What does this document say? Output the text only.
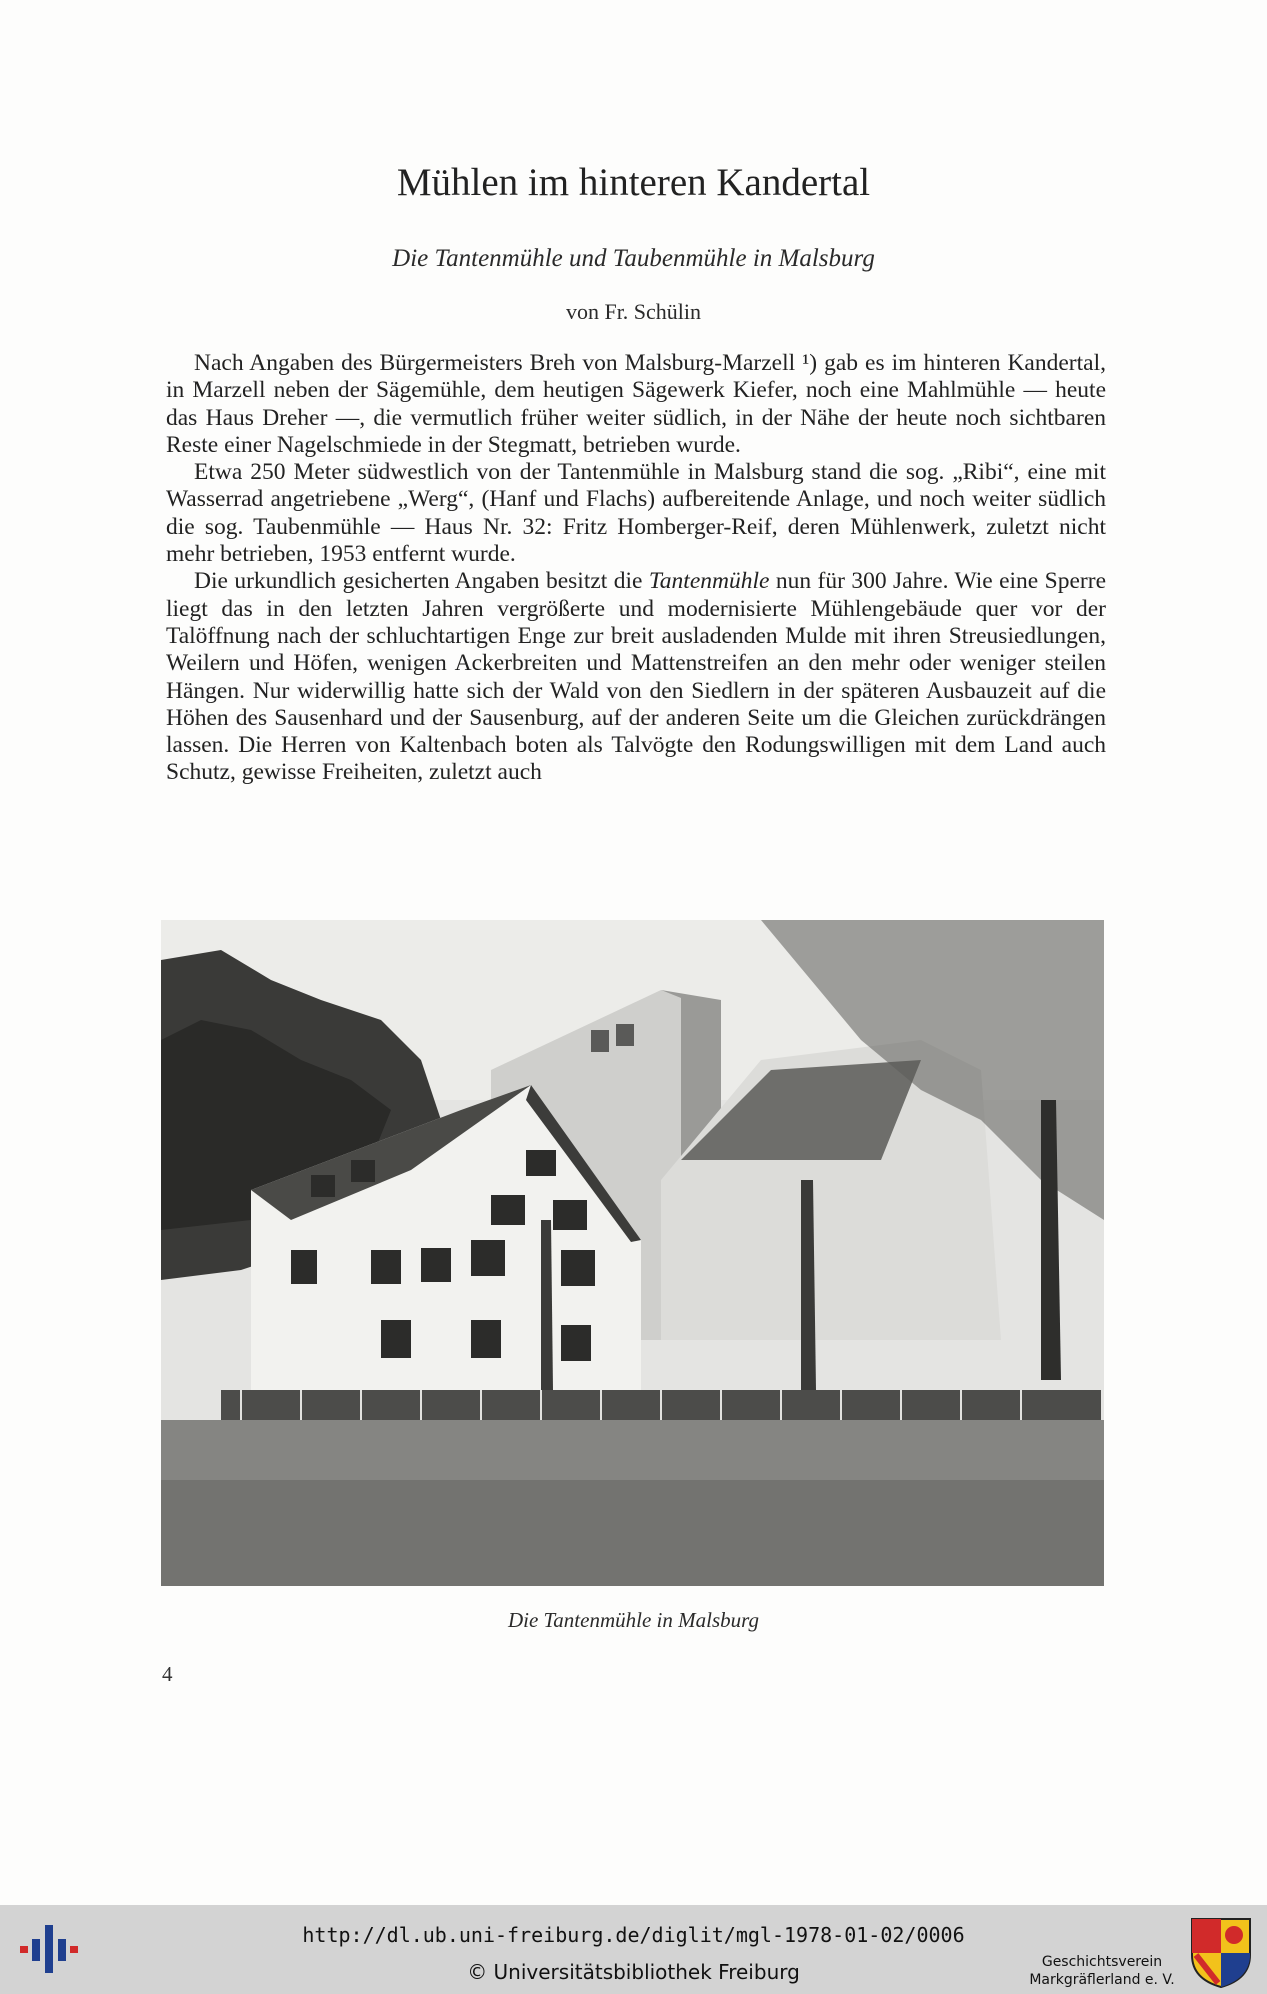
Mühlen im hinteren Kandertal
Die Tantenmühle und Taubenmühle in Malsburg
von Fr. Schülin

Nach Angaben des Bürgermeisters Breh von Malsburg-Marzell ¹) gab es im hinteren Kandertal, in Marzell neben der Sägemühle, dem heutigen Sägewerk Kiefer, noch eine Mahlmühle — heute das Haus Dreher —, die vermutlich früher weiter südlich, in der Nähe der heute noch sichtbaren Reste einer Nagelschmiede in der Stegmatt, betrieben wurde.

Etwa 250 Meter südwestlich von der Tantenmühle in Malsburg stand die sog. „Ribi“, eine mit Wasserrad angetriebene „Werg“, (Hanf und Flachs) aufbereitende Anlage, und noch weiter südlich die sog. Taubenmühle — Haus Nr. 32: Fritz Homberger-Reif, deren Mühlenwerk, zuletzt nicht mehr betrieben, 1953 entfernt wurde.

Die urkundlich gesicherten Angaben besitzt die Tantenmühle nun für 300 Jahre. Wie eine Sperre liegt das in den letzten Jahren vergrößerte und modernisierte Mühlengebäude quer vor der Talöffnung nach der schluchtartigen Enge zur breit ausladenden Mulde mit ihren Streusiedlungen, Weilern und Höfen, wenigen Ackerbreiten und Mattenstreifen an den mehr oder weniger steilen Hängen. Nur widerwillig hatte sich der Wald von den Siedlern in der späteren Ausbauzeit auf die Höhen des Sausenhard und der Sausenburg, auf der anderen Seite um die Gleichen zurückdrängen lassen. Die Herren von Kaltenbach boten als Talvögte den Rodungswilligen mit dem Land auch Schutz, gewisse Freiheiten, zuletzt auch

Die Tantenmühle in Malsburg
4
http://dl.ub.uni-freiburg.de/diglit/mgl-1978-01-02/0006
© Universitätsbibliothek Freiburg	Geschichtsverein
Markgräflerland e. V.
